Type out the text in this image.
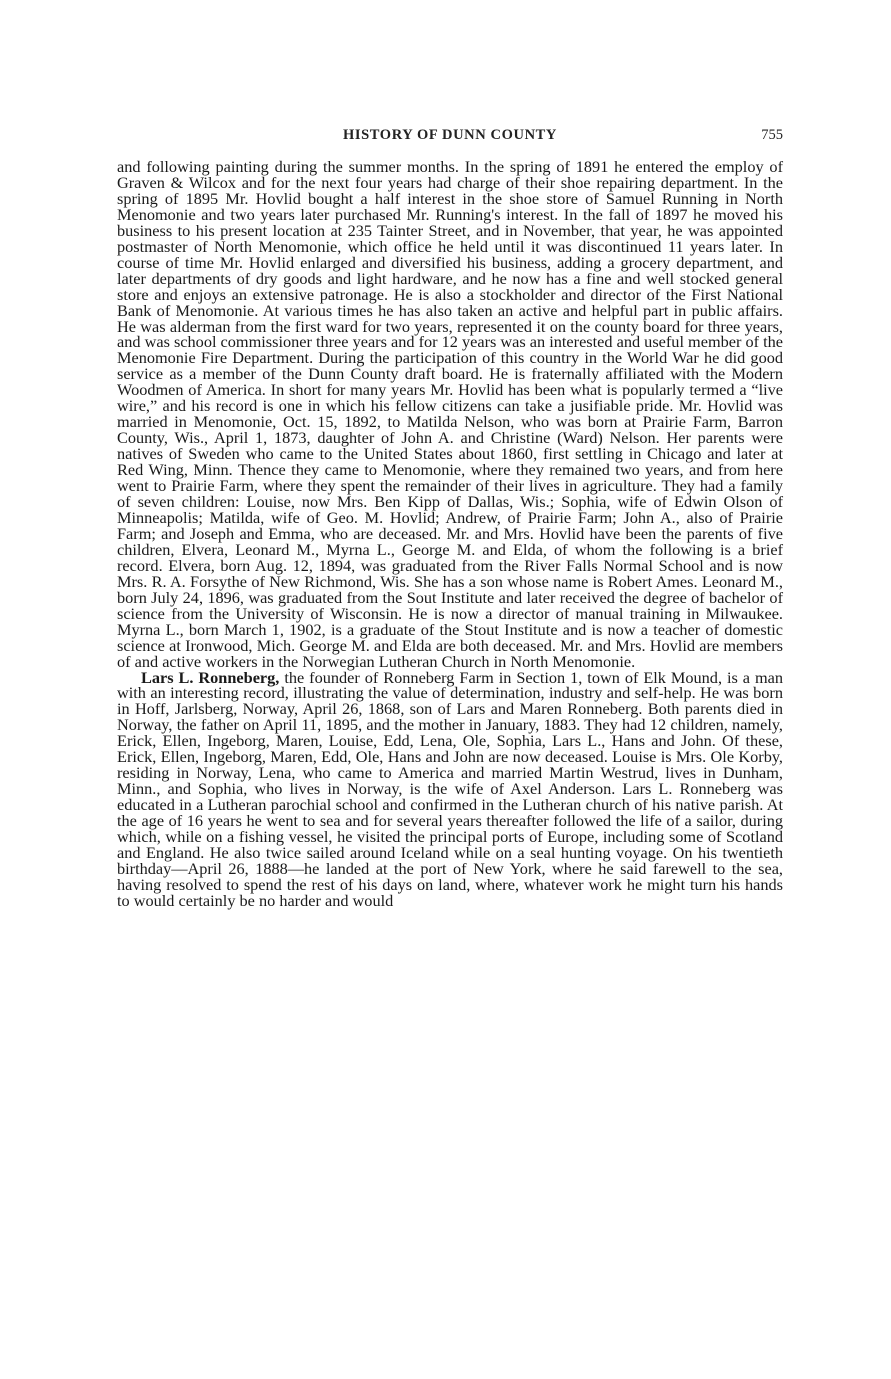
HISTORY OF DUNN COUNTY	755

and following painting during the summer months. In the spring of 1891 he entered the employ of Graven & Wilcox and for the next four years had charge of their shoe repairing department. In the spring of 1895 Mr. Hovlid bought a half interest in the shoe store of Samuel Running in North Menomonie and two years later purchased Mr. Running's interest. In the fall of 1897 he moved his business to his present location at 235 Tainter Street, and in November, that year, he was appointed postmaster of North Menomonie, which office he held until it was discontinued 11 years later. In course of time Mr. Hovlid enlarged and diversified his business, adding a grocery department, and later departments of dry goods and light hardware, and he now has a fine and well stocked general store and enjoys an extensive patronage. He is also a stockholder and director of the First National Bank of Menomonie. At various times he has also taken an active and helpful part in public affairs. He was alderman from the first ward for two years, represented it on the county board for three years, and was school commissioner three years and for 12 years was an interested and useful member of the Menomonie Fire Department. During the participation of this country in the World War he did good service as a member of the Dunn County draft board. He is fraternally affiliated with the Modern Woodmen of America. In short for many years Mr. Hovlid has been what is popularly termed a “live wire,” and his record is one in which his fellow citizens can take a jusifiable pride. Mr. Hovlid was married in Menomonie, Oct. 15, 1892, to Matilda Nelson, who was born at Prairie Farm, Barron County, Wis., April 1, 1873, daughter of John A. and Christine (Ward) Nelson. Her parents were natives of Sweden who came to the United States about 1860, first settling in Chicago and later at Red Wing, Minn. Thence they came to Menomonie, where they remained two years, and from here went to Prairie Farm, where they spent the remainder of their lives in agriculture. They had a family of seven children: Louise, now Mrs. Ben Kipp of Dallas, Wis.; Sophia, wife of Edwin Olson of Minneapolis; Matilda, wife of Geo. M. Hovlid; Andrew, of Prairie Farm; John A., also of Prairie Farm; and Joseph and Emma, who are deceased. Mr. and Mrs. Hovlid have been the parents of five children, Elvera, Leonard M., Myrna L., George M. and Elda, of whom the following is a brief record. Elvera, born Aug. 12, 1894, was graduated from the River Falls Normal School and is now Mrs. R. A. Forsythe of New Richmond, Wis. She has a son whose name is Robert Ames. Leonard M., born July 24, 1896, was graduated from the Sout Institute and later received the degree of bachelor of science from the University of Wisconsin. He is now a director of manual training in Milwaukee. Myrna L., born March 1, 1902, is a graduate of the Stout Institute and is now a teacher of domestic science at Ironwood, Mich. George M. and Elda are both deceased. Mr. and Mrs. Hovlid are members of and active workers in the Norwegian Lutheran Church in North Menomonie.

Lars L. Ronneberg, the founder of Ronneberg Farm in Section 1, town of Elk Mound, is a man with an interesting record, illustrating the value of determination, industry and self-help. He was born in Hoff, Jarlsberg, Norway, April 26, 1868, son of Lars and Maren Ronneberg. Both parents died in Norway, the father on April 11, 1895, and the mother in January, 1883. They had 12 children, namely, Erick, Ellen, Ingeborg, Maren, Louise, Edd, Lena, Ole, Sophia, Lars L., Hans and John. Of these, Erick, Ellen, Ingeborg, Maren, Edd, Ole, Hans and John are now deceased. Louise is Mrs. Ole Korby, residing in Norway, Lena, who came to America and married Martin Westrud, lives in Dunham, Minn., and Sophia, who lives in Norway, is the wife of Axel Anderson. Lars L. Ronneberg was educated in a Lutheran parochial school and confirmed in the Lutheran church of his native parish. At the age of 16 years he went to sea and for several years thereafter followed the life of a sailor, during which, while on a fishing vessel, he visited the principal ports of Europe, including some of Scotland and England. He also twice sailed around Iceland while on a seal hunting voyage. On his twentieth birthday—April 26, 1888—he landed at the port of New York, where he said farewell to the sea, having resolved to spend the rest of his days on land, where, whatever work he might turn his hands to would certainly be no harder and would
